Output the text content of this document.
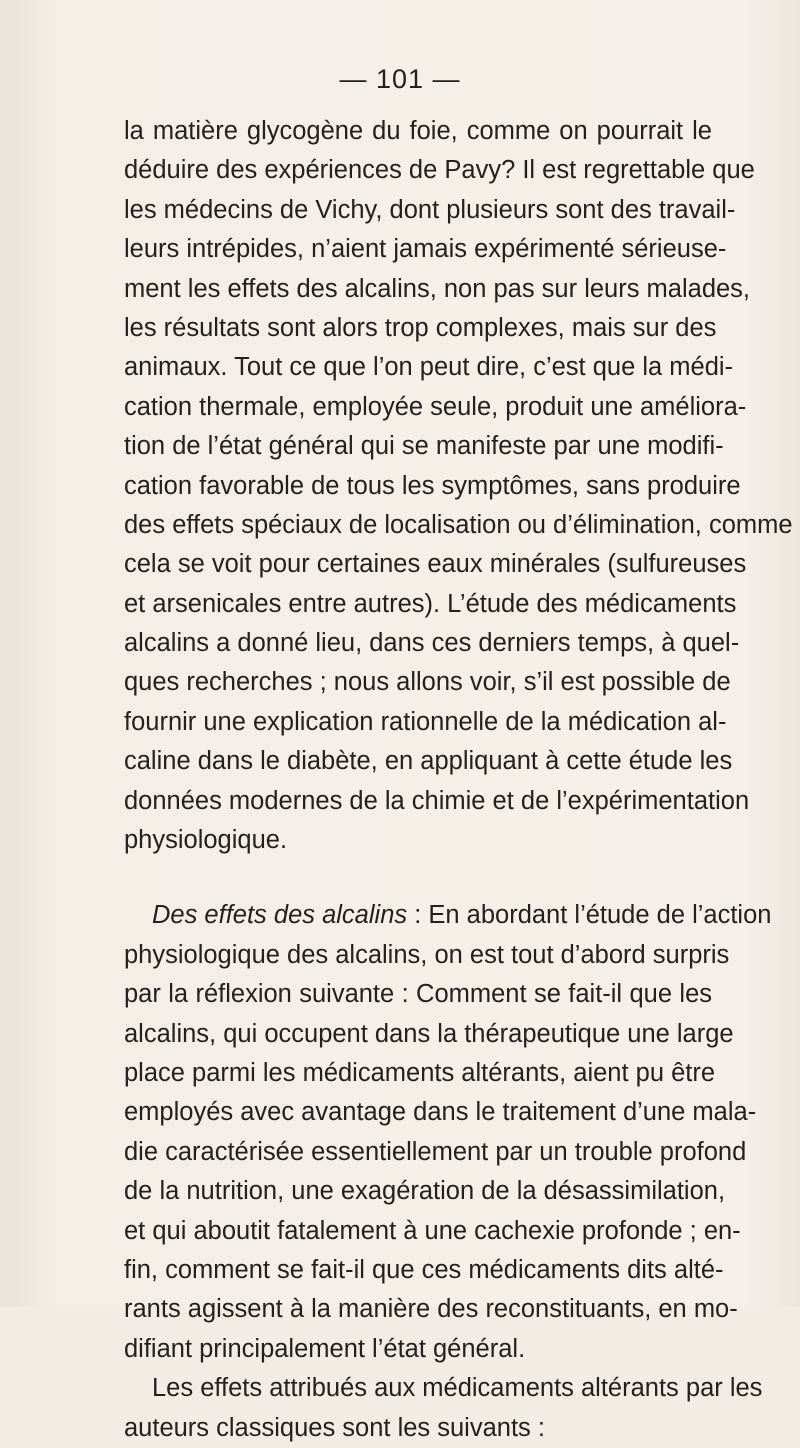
— 101 —
la matière glycogène du foie, comme on pourrait le
déduire des expériences de Pavy? Il est regrettable que
les médecins de Vichy, dont plusieurs sont des travail-
leurs intrépides, n’aient jamais expérimenté sérieuse-
ment les effets des alcalins, non pas sur leurs malades,
les résultats sont alors trop complexes, mais sur des
animaux. Tout ce que l’on peut dire, c’est que la médi-
cation thermale, employée seule, produit une améliora-
tion de l’état général qui se manifeste par une modifi-
cation favorable de tous les symptômes, sans produire
des effets spéciaux de localisation ou d’élimination, comme
cela se voit pour certaines eaux minérales (sulfureuses
et arsenicales entre autres). L’étude des médicaments
alcalins a donné lieu, dans ces derniers temps, à quel-
ques recherches ; nous allons voir, s’il est possible de
fournir une explication rationnelle de la médication al-
caline dans le diabète, en appliquant à cette étude les
données modernes de la chimie et de l’expérimentation
physiologique.
Des effets des alcalins : En abordant l’étude de l’action
physiologique des alcalins, on est tout d’abord surpris
par la réflexion suivante : Comment se fait-il que les
alcalins, qui occupent dans la thérapeutique une large
place parmi les médicaments altérants, aient pu être
employés avec avantage dans le traitement d’une mala-
die caractérisée essentiellement par un trouble profond
de la nutrition, une exagération de la désassimilation,
et qui aboutit fatalement à une cachexie profonde ; en-
fin, comment se fait-il que ces médicaments dits alté-
rants agissent à la manière des reconstituants, en mo-
difiant principalement l’état général.
Les effets attribués aux médicaments altérants par les
auteurs classiques sont les suivants :
